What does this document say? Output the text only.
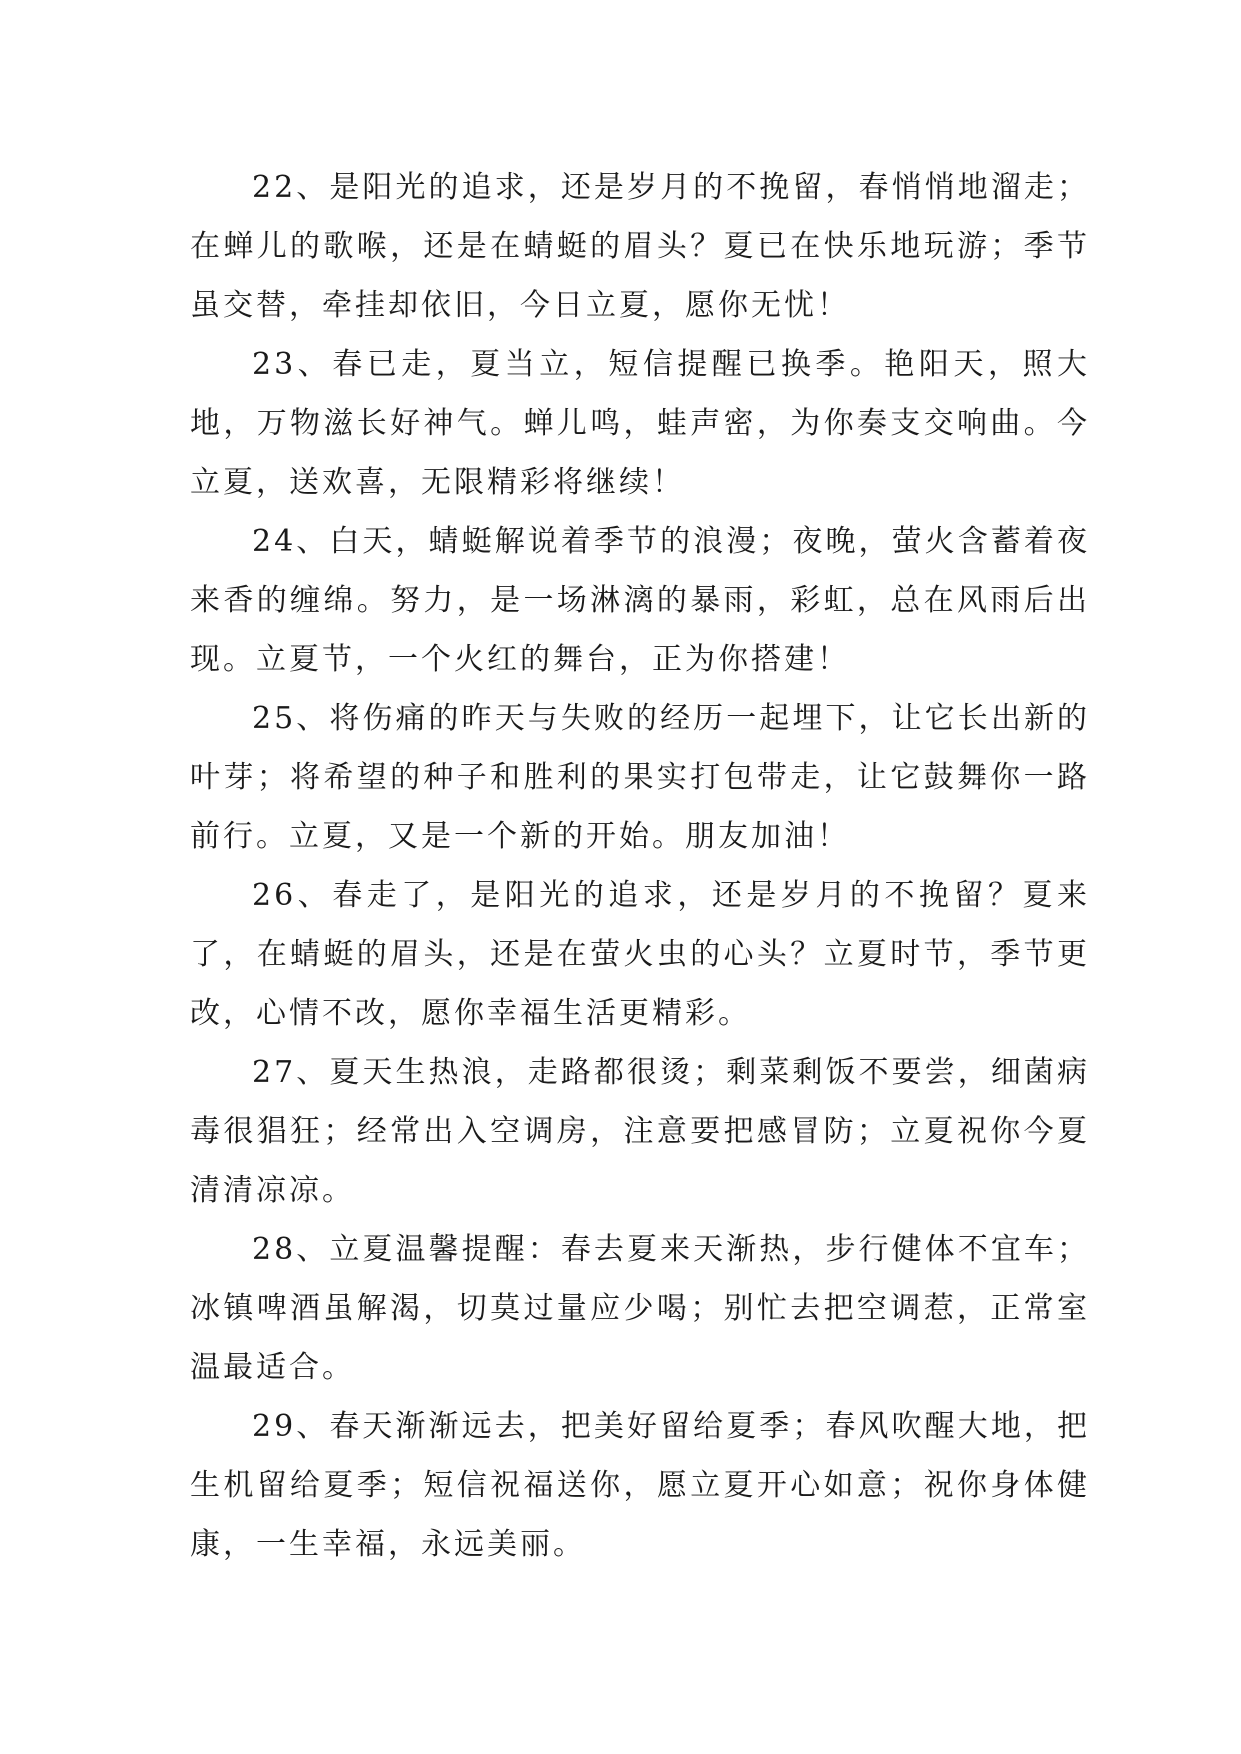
22、是阳光的追求，还是岁月的不挽留，春悄悄地溜走；在蝉儿的歌喉，还是在蜻蜓的眉头？夏已在快乐地玩游；季节虽交替，牵挂却依旧，今日立夏，愿你无忧！

23、春已走，夏当立，短信提醒已换季。艳阳天，照大地，万物滋长好神气。蝉儿鸣，蛙声密，为你奏支交响曲。今立夏，送欢喜，无限精彩将继续！

24、白天，蜻蜓解说着季节的浪漫；夜晚，萤火含蓄着夜来香的缠绵。努力，是一场淋漓的暴雨，彩虹，总在风雨后出现。立夏节，一个火红的舞台，正为你搭建！

25、将伤痛的昨天与失败的经历一起埋下，让它长出新的叶芽；将希望的种子和胜利的果实打包带走，让它鼓舞你一路前行。立夏，又是一个新的开始。朋友加油！

26、春走了，是阳光的追求，还是岁月的不挽留？夏来了，在蜻蜓的眉头，还是在萤火虫的心头？立夏时节，季节更改，心情不改，愿你幸福生活更精彩。

27、夏天生热浪，走路都很烫；剩菜剩饭不要尝，细菌病毒很猖狂；经常出入空调房，注意要把感冒防；立夏祝你今夏清清凉凉。

28、立夏温馨提醒：春去夏来天渐热，步行健体不宜车；冰镇啤酒虽解渴，切莫过量应少喝；别忙去把空调惹，正常室温最适合。

29、春天渐渐远去，把美好留给夏季；春风吹醒大地，把生机留给夏季；短信祝福送你，愿立夏开心如意；祝你身体健康，一生幸福，永远美丽。
